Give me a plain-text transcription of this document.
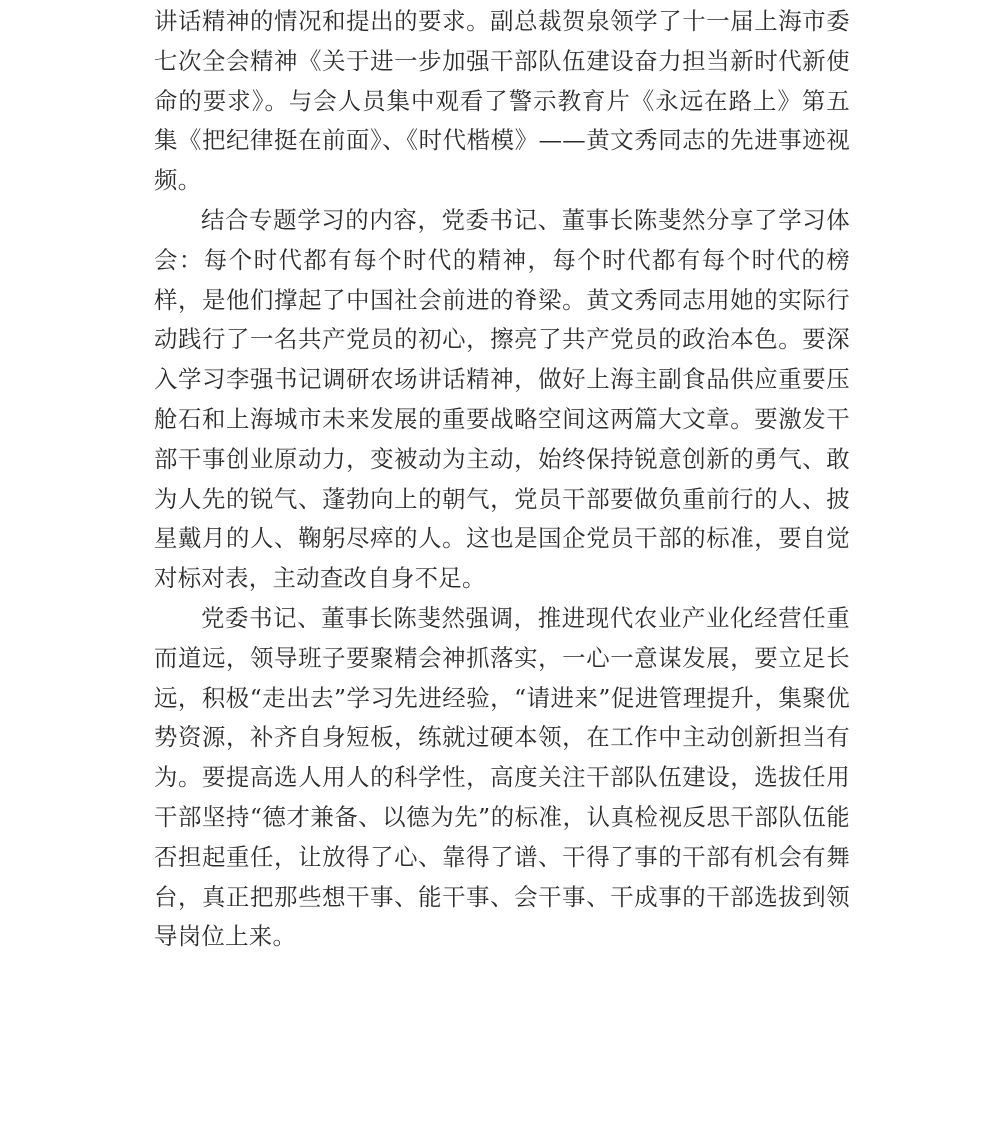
讲话精神的情况和提出的要求。副总裁贺泉领学了十一届上海市委七次全会精神《关于进一步加强干部队伍建设奋力担当新时代新使命的要求》。与会人员集中观看了警示教育片《永远在路上》第五集《把纪律挺在前面》、《时代楷模》——黄文秀同志的先进事迹视频。

结合专题学习的内容，党委书记、董事长陈斐然分享了学习体会：每个时代都有每个时代的精神，每个时代都有每个时代的榜样，是他们撑起了中国社会前进的脊梁。黄文秀同志用她的实际行动践行了一名共产党员的初心，擦亮了共产党员的政治本色。要深入学习李强书记调研农场讲话精神，做好上海主副食品供应重要压舱石和上海城市未来发展的重要战略空间这两篇大文章。要激发干部干事创业原动力，变被动为主动，始终保持锐意创新的勇气、敢为人先的锐气、蓬勃向上的朝气，党员干部要做负重前行的人、披星戴月的人、鞠躬尽瘁的人。这也是国企党员干部的标准，要自觉对标对表，主动查改自身不足。

党委书记、董事长陈斐然强调，推进现代农业产业化经营任重而道远，领导班子要聚精会神抓落实，一心一意谋发展，要立足长远，积极“走出去”学习先进经验，“请进来”促进管理提升，集聚优势资源，补齐自身短板，练就过硬本领，在工作中主动创新担当有为。要提高选人用人的科学性，高度关注干部队伍建设，选拔任用干部坚持“德才兼备、以德为先”的标准，认真检视反思干部队伍能否担起重任，让放得了心、靠得了谱、干得了事的干部有机会有舞台，真正把那些想干事、能干事、会干事、干成事的干部选拔到领导岗位上来。
